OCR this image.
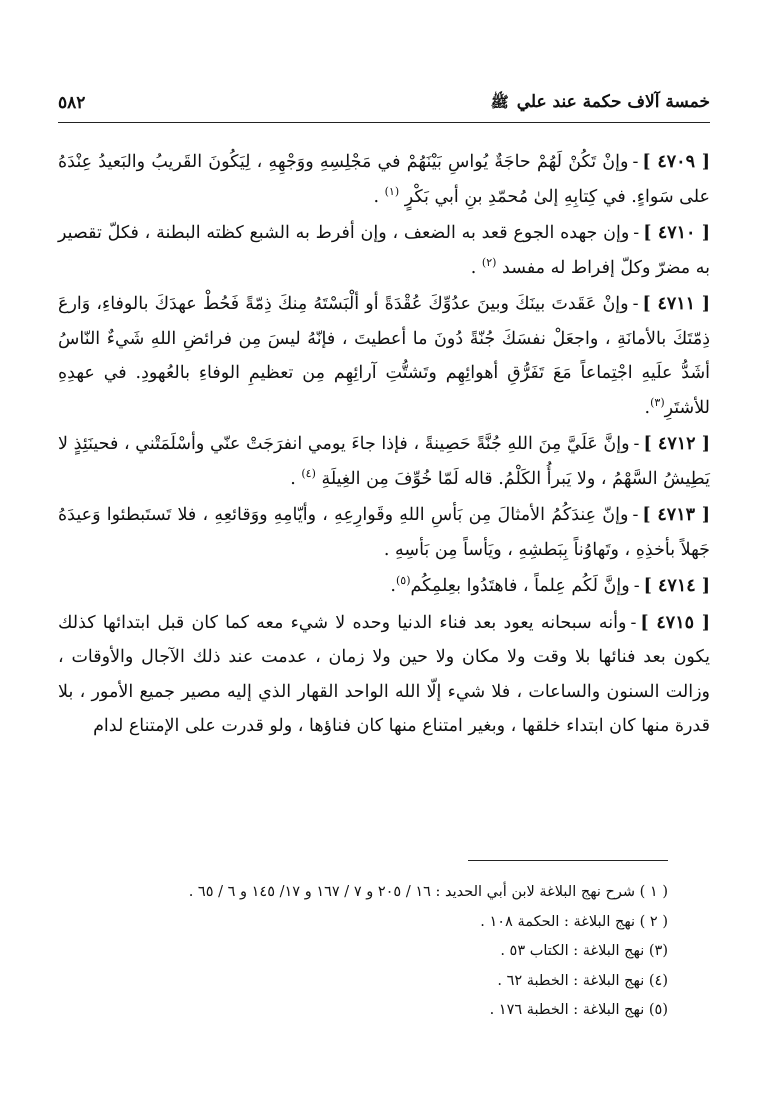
خمسة آلاف حكمة عند علي ﷺ
٥٨٢

[ ٤٧٠٩ ]-وإنْ تَكُنْ لَهُمْ حاجَةٌ يُواسِ بَيْنَهُمْ في مَجْلِسِهِ ووَجْهِهِ ، لِيَكُونَ القَريبُ والبَعيدُ عِنْدَهُ على سَواءٍ. في كِتابِهِ إلىٰ مُحمّدِ بنِ أبي بَكْرٍ $^{(١)}$ .

[ ٤٧١٠ ]-وإن جهده الجوع قعد به الضعف ، وإن أفرط به الشبع كظته البطنة ، فكلّ تقصير به مضرّ وكلّ إفراط له مفسد $^{(٢)}$ .

[ ٤٧١١ ]-وإنْ عَقَدتَ بينَكَ وبينَ عدُوِّكَ عُقْدَةً أو ألْبَسْتَهُ مِنكَ ذِمّةً فَحُطْ عهدَكَ بالوفاءِ، وَارعَ ذِمّتَكَ بالأمانَةِ ، واجعَلْ نفسَكَ جُنّةً دُونَ ما أعطيتَ ، فإنّهُ ليسَ مِن فرائضِ اللهِ شَيءٌ النّاسُ أشَدُّ علَيهِ اجْتِماعاً مَعَ تَفَرُّقِ أهوائِهِم وتَشتُّتِ آرائِهِم مِن تعظيمِ الوفاءِ بالعُهودِ. في عهدِهِ للأشتَرِ$^{(٣)}$.

[ ٤٧١٢ ]-وإنَّ عَلَيَّ مِنَ اللهِ جُنَّةً حَصِينةً ، فإذا جاءَ يومي انفرَجَتْ عنّي وأسْلَمَتْني ، فحينَئِذٍ لا يَطِيشُ السَّهْمُ ، ولا يَبرأُ الكَلْمُ. قاله لَمّا خُوِّفَ مِن الغِيلَةِ $^{(٤)}$ .

[ ٤٧١٣ ]-وإنّ عِندَكُمُ الأمثالَ مِن بَأسِ اللهِ وقَوارِعِهِ ، وأيّامِهِ ووَقائعِهِ ، فلا تَستَبطئوا وَعيدَهُ جَهلاً بأخذِهِ ، وتَهاوُناً بِبَطشِهِ ، ويَأساً مِن بَأسِهِ .

[ ٤٧١٤ ]-وإنَّ لَكُم عِلماً ، فاهتَدُوا بعِلمِكُم$^{(٥)}$.

[ ٤٧١٥ ]-وأنه سبحانه يعود بعد فناء الدنيا وحده لا شيء معه كما كان قبل ابتدائها كذلك يكون بعد فنائها بلا وقت ولا مكان ولا حين ولا زمان ، عدمت عند ذلك الآجال والأوقات ، وزالت السنون والساعات ، فلا شيء إلّا الله الواحد القهار الذي إليه مصير جميع الأمور ، بلا قدرة منها كان ابتداء خلقها ، وبغير امتناع منها كان فناؤها ، ولو قدرت على الإمتناع لدام

( ١ ) شرح نهج البلاغة لابن أبي الحديد : ١٦ / ٢٠٥ و ٧ / ١٦٧ و ١٧/ ١٤٥ و ٦ / ٦٥ .
( ٢ ) نهج البلاغة : الحكمة ١٠٨ .
(٣) نهج البلاغة : الكتاب ٥٣ .
(٤) نهج البلاغة : الخطبة ٦٢ .
(٥) نهج البلاغة : الخطبة ١٧٦ .
